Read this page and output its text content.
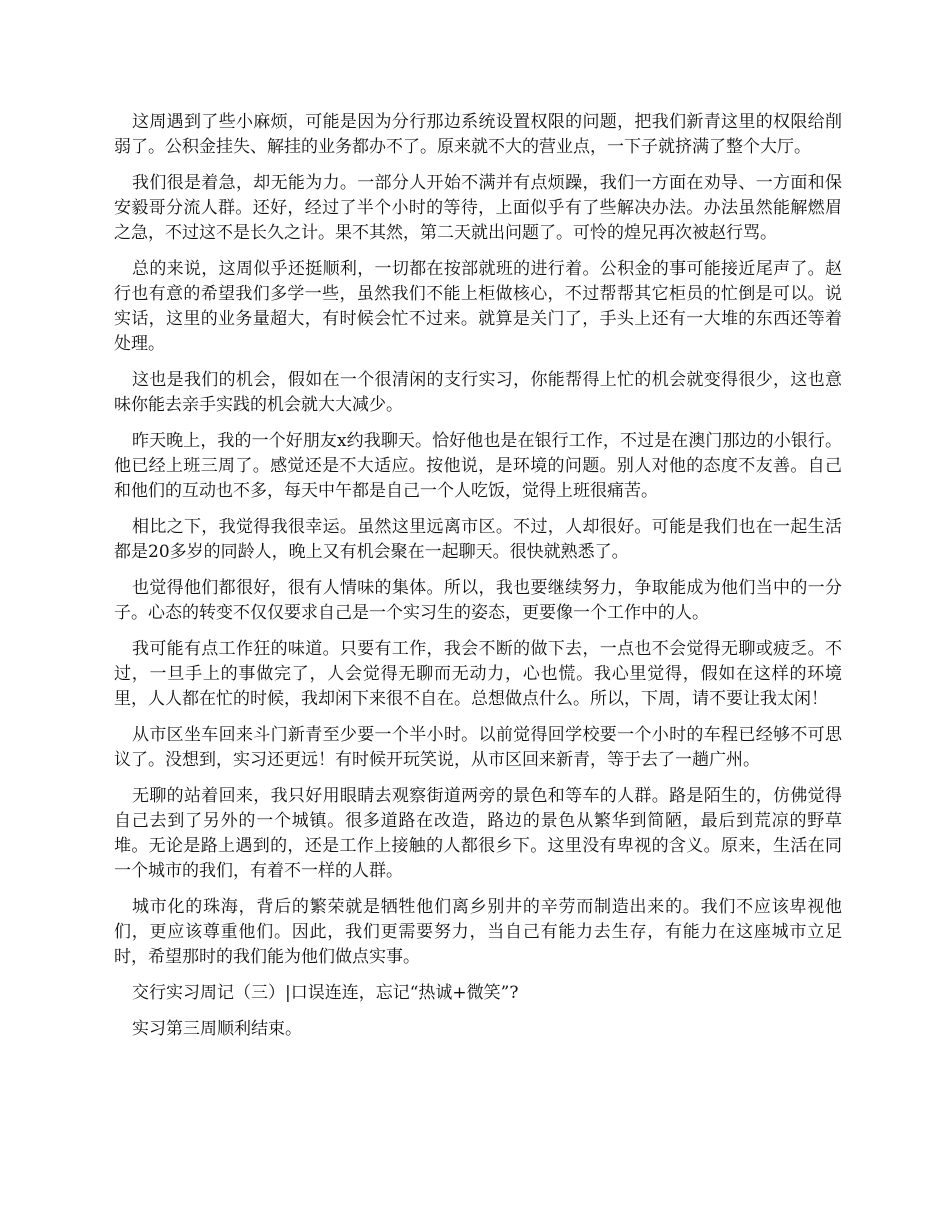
这周遇到了些小麻烦，可能是因为分行那边系统设置权限的问题，把我们新青这里的权限给削弱了。公积金挂失、解挂的业务都办不了。原来就不大的营业点，一下子就挤满了整个大厅。

我们很是着急，却无能为力。一部分人开始不满并有点烦躁，我们一方面在劝导、一方面和保安毅哥分流人群。还好，经过了半个小时的等待，上面似乎有了些解决办法。办法虽然能解燃眉之急，不过这不是长久之计。果不其然，第二天就出问题了。可怜的煌兄再次被赵行骂。

总的来说，这周似乎还挺顺利，一切都在按部就班的进行着。公积金的事可能接近尾声了。赵行也有意的希望我们多学一些，虽然我们不能上柜做核心，不过帮帮其它柜员的忙倒是可以。说实话，这里的业务量超大，有时候会忙不过来。就算是关门了，手头上还有一大堆的东西还等着处理。

这也是我们的机会，假如在一个很清闲的支行实习，你能帮得上忙的机会就变得很少，这也意味你能去亲手实践的机会就大大减少。

昨天晚上，我的一个好朋友x约我聊天。恰好他也是在银行工作，不过是在澳门那边的小银行。他已经上班三周了。感觉还是不大适应。按他说，是环境的问题。别人对他的态度不友善。自己和他们的互动也不多，每天中午都是自己一个人吃饭，觉得上班很痛苦。

相比之下，我觉得我很幸运。虽然这里远离市区。不过，人却很好。可能是我们也在一起生活都是20多岁的同龄人，晚上又有机会聚在一起聊天。很快就熟悉了。

也觉得他们都很好，很有人情味的集体。所以，我也要继续努力，争取能成为他们当中的一分子。心态的转变不仅仅要求自己是一个实习生的姿态，更要像一个工作中的人。

我可能有点工作狂的味道。只要有工作，我会不断的做下去，一点也不会觉得无聊或疲乏。不过，一旦手上的事做完了，人会觉得无聊而无动力，心也慌。我心里觉得，假如在这样的环境里，人人都在忙的时候，我却闲下来很不自在。总想做点什么。所以，下周，请不要让我太闲！

从市区坐车回来斗门新青至少要一个半小时。以前觉得回学校要一个小时的车程已经够不可思议了。没想到，实习还更远！有时候开玩笑说，从市区回来新青，等于去了一趟广州。

无聊的站着回来，我只好用眼睛去观察街道两旁的景色和等车的人群。路是陌生的，仿佛觉得自己去到了另外的一个城镇。很多道路在改造，路边的景色从繁华到简陋，最后到荒凉的野草堆。无论是路上遇到的，还是工作上接触的人都很乡下。这里没有卑视的含义。原来，生活在同一个城市的我们，有着不一样的人群。

城市化的珠海，背后的繁荣就是牺牲他们离乡别井的辛劳而制造出来的。我们不应该卑视他们，更应该尊重他们。因此，我们更需要努力，当自己有能力去生存，有能力在这座城市立足时，希望那时的我们能为他们做点实事。

交行实习周记（三）|口误连连，忘记“热诚+微笑”?

实习第三周顺利结束。
